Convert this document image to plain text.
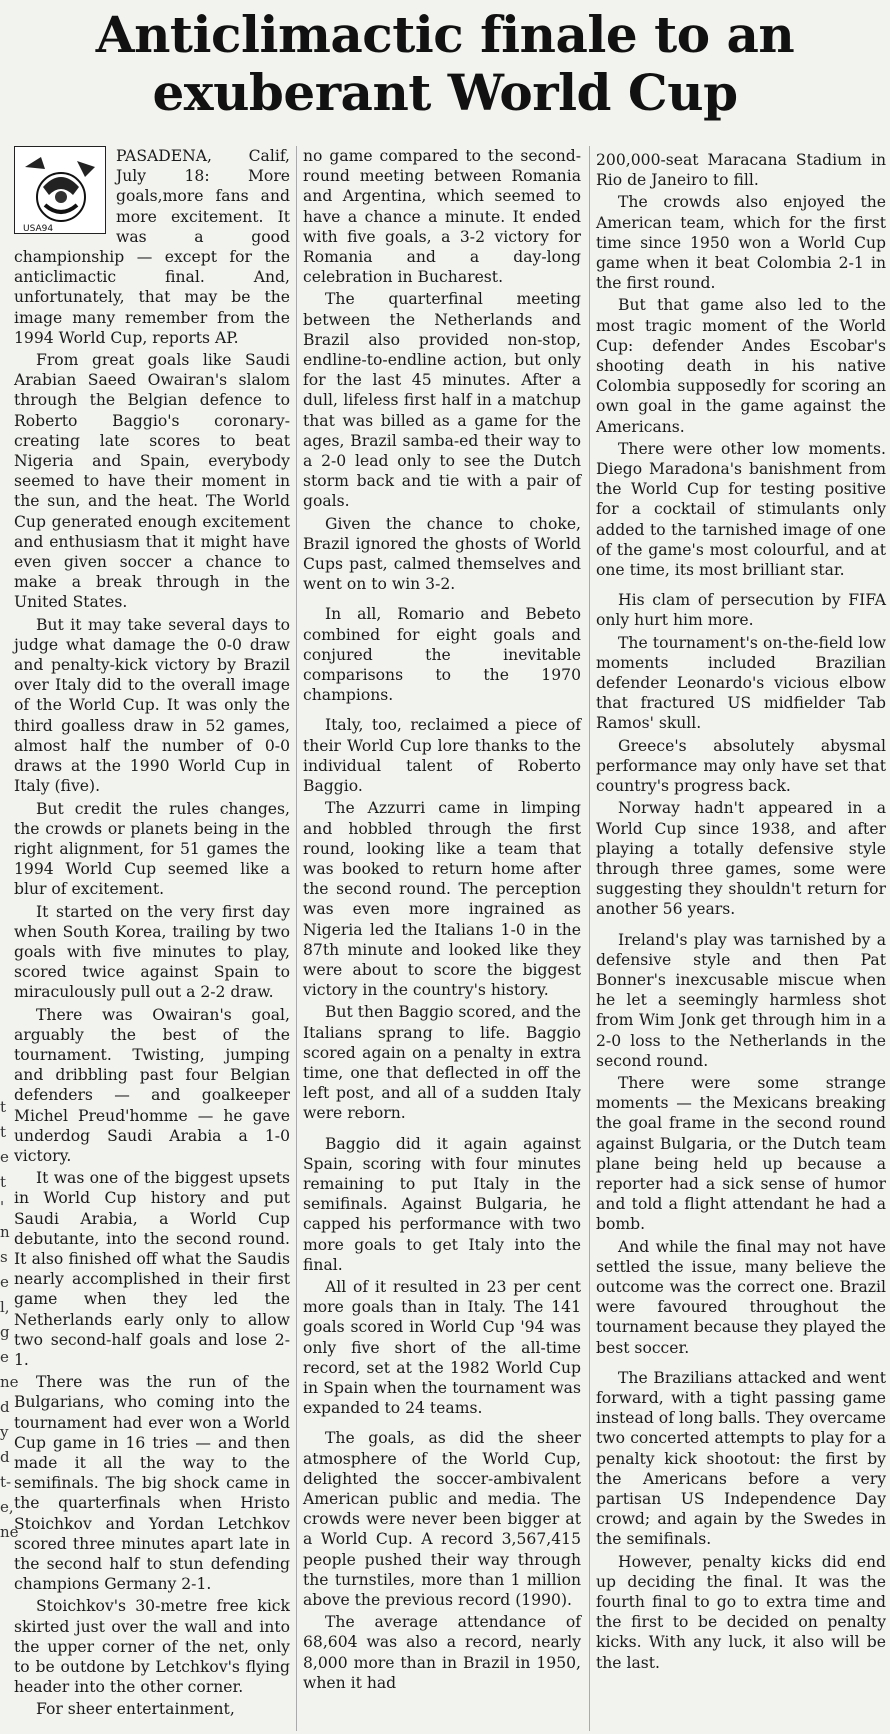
Anticlimactic finale to an
exuberant World Cup
t
t
e
t
'
n
s
e
l,
g
e
ne
d
y
d
t-
e,
ne
USA94

PASADENA, Calif, July 18: More goals,more fans and more excitement. It was a good championship — except for the anticlimactic final. And, unfortunately, that may be the image many remember from the 1994 World Cup, reports AP.

From great goals like Saudi Arabian Saeed Owairan's slalom through the Belgian defence to Roberto Baggio's coronary-creating late scores to beat Nigeria and Spain, everybody seemed to have their moment in the sun, and the heat. The World Cup generated enough excitement and enthusiasm that it might have even given soccer a chance to make a break through in the United States.

But it may take several days to judge what damage the 0-0 draw and penalty-kick victory by Brazil over Italy did to the overall image of the World Cup. It was only the third goalless draw in 52 games, almost half the number of 0-0 draws at the 1990 World Cup in Italy (five).

But credit the rules changes, the crowds or planets being in the right alignment, for 51 games the 1994 World Cup seemed like a blur of excitement.

It started on the very first day when South Korea, trailing by two goals with five minutes to play, scored twice against Spain to miraculously pull out a 2-2 draw.

There was Owairan's goal, arguably the best of the tournament. Twisting, jumping and dribbling past four Belgian defenders — and goalkeeper Michel Preud'homme — he gave underdog Saudi Arabia a 1-0 victory.

It was one of the biggest upsets in World Cup history and put Saudi Arabia, a World Cup debutante, into the second round. It also finished off what the Saudis nearly accomplished in their first game when they led the Netherlands early only to allow two second-half goals and lose 2-1.

There was the run of the Bulgarians, who coming into the tournament had ever won a World Cup game in 16 tries — and then made it all the way to the semifinals. The big shock came in the quarterfinals when Hristo Stoichkov and Yordan Letchkov scored three minutes apart late in the second half to stun defending champions Germany 2-1.

Stoichkov's 30-metre free kick skirted just over the wall and into the upper corner of the net, only to be outdone by Letchkov's flying header into the other corner.

For sheer entertainment,

no game compared to the second-round meeting between Romania and Argentina, which seemed to have a chance a minute. It ended with five goals, a 3-2 victory for Romania and a day-long celebration in Bucharest.

The quarterfinal meeting between the Netherlands and Brazil also provided non-stop, endline-to-endline action, but only for the last 45 minutes. After a dull, lifeless first half in a matchup that was billed as a game for the ages, Brazil samba-ed their way to a 2-0 lead only to see the Dutch storm back and tie with a pair of goals.

Given the chance to choke, Brazil ignored the ghosts of World Cups past, calmed themselves and went on to win 3-2.

In all, Romario and Bebeto combined for eight goals and conjured the inevitable comparisons to the 1970 champions.

Italy, too, reclaimed a piece of their World Cup lore thanks to the individual talent of Roberto Baggio.

The Azzurri came in limping and hobbled through the first round, looking like a team that was booked to return home after the second round. The perception was even more ingrained as Nigeria led the Italians 1-0 in the 87th minute and looked like they were about to score the biggest victory in the country's history.

But then Baggio scored, and the Italians sprang to life. Baggio scored again on a penalty in extra time, one that deflected in off the left post, and all of a sudden Italy were reborn.

Baggio did it again against Spain, scoring with four minutes remaining to put Italy in the semifinals. Against Bulgaria, he capped his performance with two more goals to get Italy into the final.

All of it resulted in 23 per cent more goals than in Italy. The 141 goals scored in World Cup '94 was only five short of the all-time record, set at the 1982 World Cup in Spain when the tournament was expanded to 24 teams.

The goals, as did the sheer atmosphere of the World Cup, delighted the soccer-ambivalent American public and media. The crowds were never been bigger at a World Cup. A record 3,567,415 people pushed their way through the turnstiles, more than 1 million above the previous record (1990).

The average attendance of 68,604 was also a record, nearly 8,000 more than in Brazil in 1950, when it had

200,000-seat Maracana Stadium in Rio de Janeiro to fill.

The crowds also enjoyed the American team, which for the first time since 1950 won a World Cup game when it beat Colombia 2-1 in the first round.

But that game also led to the most tragic moment of the World Cup: defender Andes Escobar's shooting death in his native Colombia supposedly for scoring an own goal in the game against the Americans.

There were other low moments. Diego Maradona's banishment from the World Cup for testing positive for a cocktail of stimulants only added to the tarnished image of one of the game's most colourful, and at one time, its most brilliant star.

His clam of persecution by FIFA only hurt him more.

The tournament's on-the-field low moments included Brazilian defender Leonardo's vicious elbow that fractured US midfielder Tab Ramos' skull.

Greece's absolutely abysmal performance may only have set that country's progress back.

Norway hadn't appeared in a World Cup since 1938, and after playing a totally defensive style through three games, some were suggesting they shouldn't return for another 56 years.

Ireland's play was tarnished by a defensive style and then Pat Bonner's inexcusable miscue when he let a seemingly harmless shot from Wim Jonk get through him in a 2-0 loss to the Netherlands in the second round.

There were some strange moments — the Mexicans breaking the goal frame in the second round against Bulgaria, or the Dutch team plane being held up because a reporter had a sick sense of humor and told a flight attendant he had a bomb.

And while the final may not have settled the issue, many believe the outcome was the correct one. Brazil were favoured throughout the tournament because they played the best soccer.

The Brazilians attacked and went forward, with a tight passing game instead of long balls. They overcame two concerted attempts to play for a penalty kick shootout: the first by the Americans before a very partisan US Independence Day crowd; and again by the Swedes in the semifinals.

However, penalty kicks did end up deciding the final. It was the fourth final to go to extra time and the first to be decided on penalty kicks. With any luck, it also will be the last.
